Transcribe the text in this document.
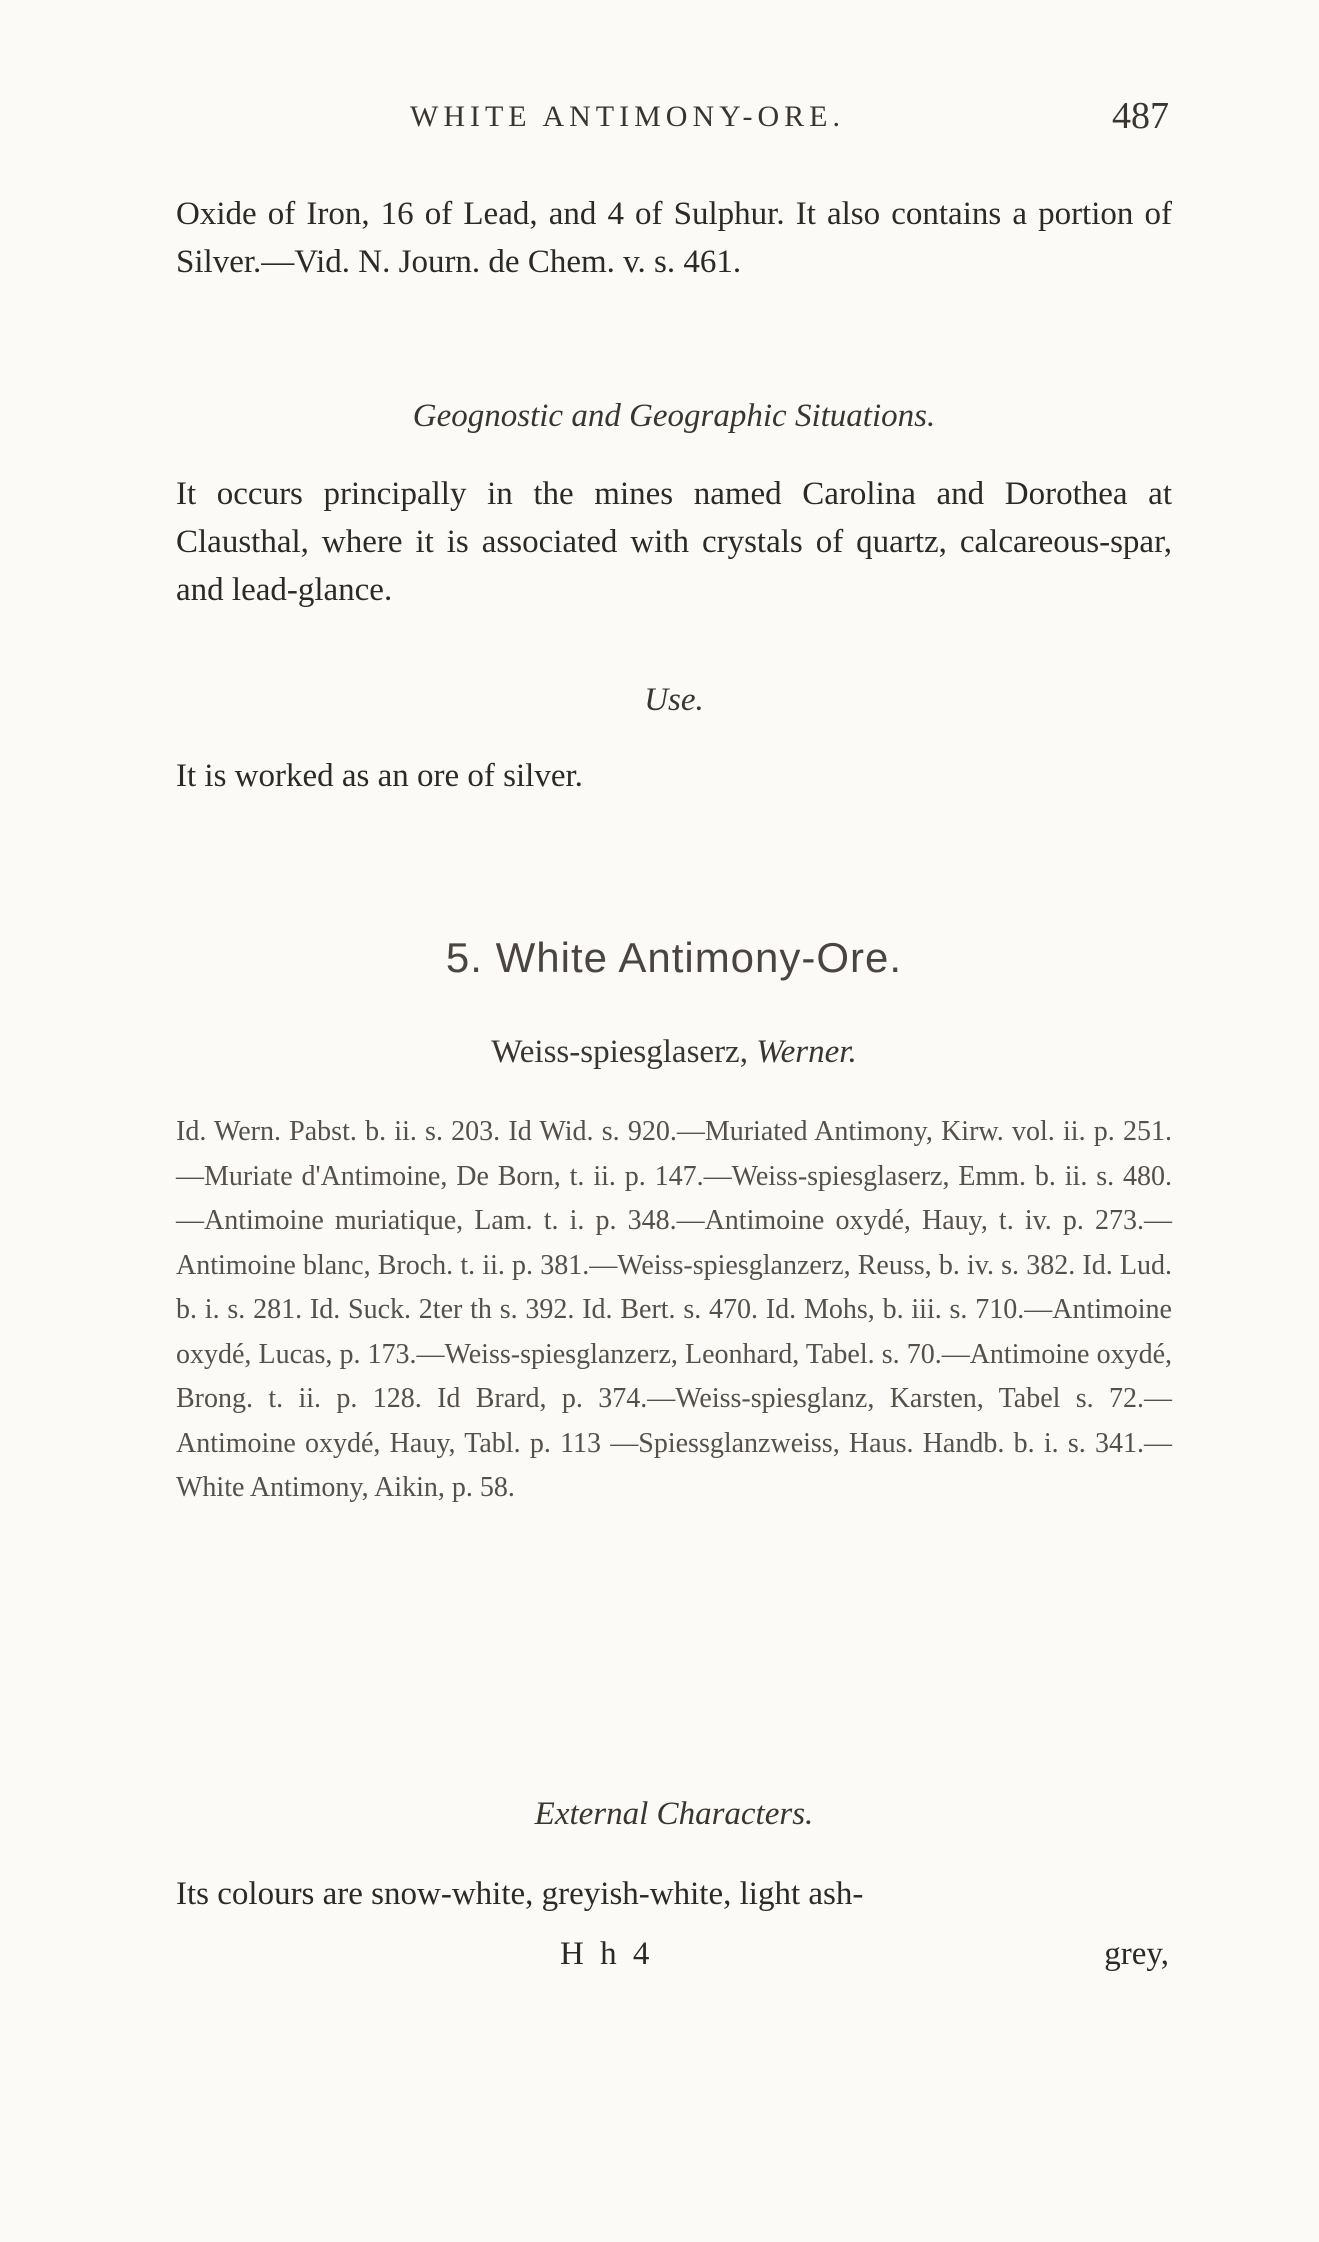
WHITE ANTIMONY-ORE.	487

Oxide of Iron, 16 of Lead, and 4 of Sulphur. It also contains a portion of Silver.—Vid. N. Journ. de Chem. v. s. 461.

Geognostic and Geographic Situations.

It occurs principally in the mines named Carolina and Dorothea at Clausthal, where it is associated with crystals of quartz, calcareous-spar, and lead-glance.

Use.

It is worked as an ore of silver.

5. White Antimony-Ore.
Weiss-spiesglaserz, Werner.

Id. Wern. Pabst. b. ii. s. 203. Id Wid. s. 920.—Muriated Antimony, Kirw. vol. ii. p. 251.—Muriate d'Antimoine, De Born, t. ii. p. 147.—Weiss-spiesglaserz, Emm. b. ii. s. 480.—Antimoine muriatique, Lam. t. i. p. 348.—Antimoine oxydé, Hauy, t. iv. p. 273.—Antimoine blanc, Broch. t. ii. p. 381.—Weiss-spiesglanzerz, Reuss, b. iv. s. 382. Id. Lud. b. i. s. 281. Id. Suck. 2ter th s. 392. Id. Bert. s. 470. Id. Mohs, b. iii. s. 710.—Antimoine oxydé, Lucas, p. 173.—Weiss-spiesglanzerz, Leonhard, Tabel. s. 70.—Antimoine oxydé, Brong. t. ii. p. 128. Id Brard, p. 374.—Weiss-spiesglanz, Karsten, Tabel s. 72.—Antimoine oxydé, Hauy, Tabl. p. 113 —Spiessglanzweiss, Haus. Handb. b. i. s. 341.—White Antimony, Aikin, p. 58.

External Characters.

Its colours are snow-white, greyish-white, light ash-

H h 4	grey,
